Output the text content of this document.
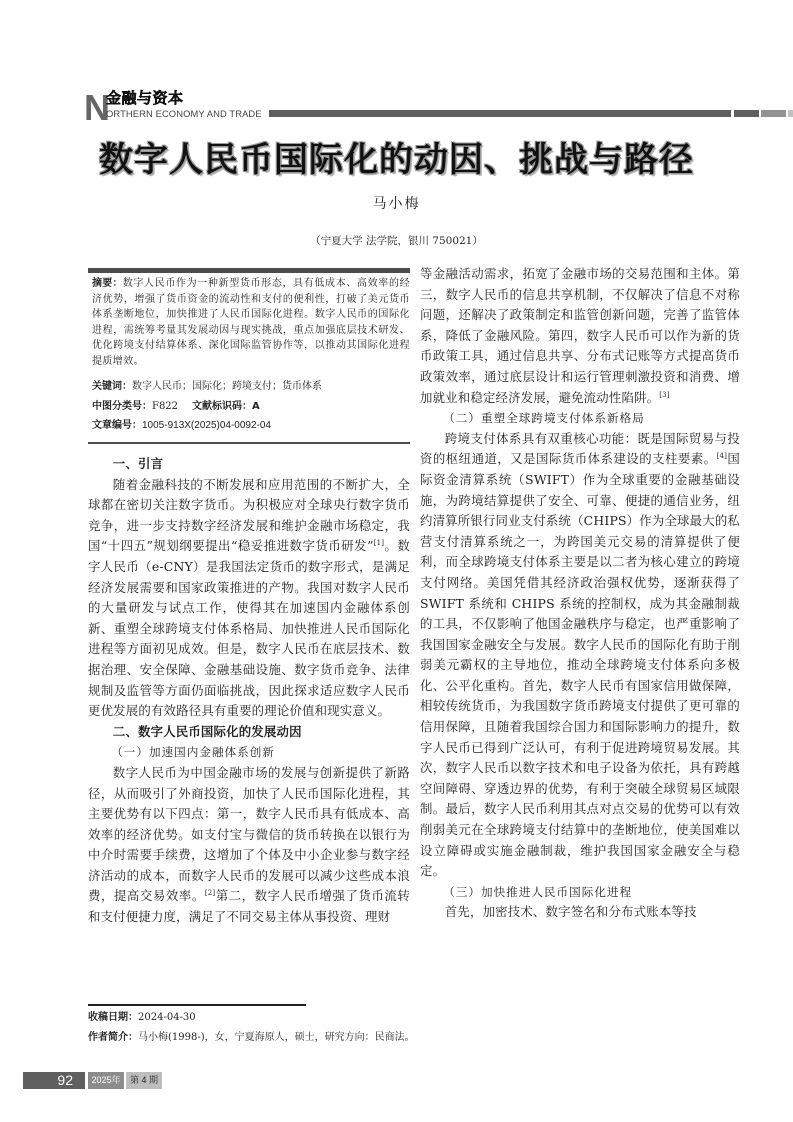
N
金融与资本
ORTHERN ECONOMY AND TRADE
数字人民币国际化的动因、挑战与路径
马小梅
（宁夏大学 法学院，银川 750021）
摘要：数字人民币作为一种新型货币形态，具有低成本、高效率的经济优势，增强了货币资金的流动性和支付的便利性，打破了美元货币体系垄断地位，加快推进了人民币国际化进程。数字人民币的国际化进程，需统筹考量其发展动因与现实挑战，重点加强底层技术研发、优化跨境支付结算体系、深化国际监管协作等，以推动其国际化进程提质增效。
关键词：数字人民币；国际化；跨境支付；货币体系
中图分类号：F822 文献标识码：A
文章编号：1005-913X(2025)04-0092-04
一、引言

随着金融科技的不断发展和应用范围的不断扩大，全球都在密切关注数字货币。为积极应对全球央行数字货币竞争，进一步支持数字经济发展和维护金融市场稳定，我国“十四五”规划纲要提出“稳妥推进数字货币研发”[1]。数字人民币（e-CNY）是我国法定货币的数字形式，是满足经济发展需要和国家政策推进的产物。我国对数字人民币的大量研发与试点工作，使得其在加速国内金融体系创新、重塑全球跨境支付体系格局、加快推进人民币国际化进程等方面初见成效。但是，数字人民币在底层技术、数据治理、安全保障、金融基础设施、数字货币竞争、法律规制及监管等方面仍面临挑战，因此探求适应数字人民币更优发展的有效路径具有重要的理论价值和现实意义。

二、数字人民币国际化的发展动因
（一）加速国内金融体系创新

数字人民币为中国金融市场的发展与创新提供了新路径，从而吸引了外商投资，加快了人民币国际化进程，其主要优势有以下四点：第一，数字人民币具有低成本、高效率的经济优势。如支付宝与微信的货币转换在以银行为中介时需要手续费，这增加了个体及中小企业参与数字经济活动的成本，而数字人民币的发展可以减少这些成本浪费，提高交易效率。[2]第二，数字人民币增强了货币流转和支付便捷力度，满足了不同交易主体从事投资、理财

等金融活动需求，拓宽了金融市场的交易范围和主体。第三，数字人民币的信息共享机制，不仅解决了信息不对称问题，还解决了政策制定和监管创新问题，完善了监管体系，降低了金融风险。第四，数字人民币可以作为新的货币政策工具，通过信息共享、分布式记账等方式提高货币政策效率，通过底层设计和运行管理刺激投资和消费、增加就业和稳定经济发展，避免流动性陷阱。[3]

（二）重塑全球跨境支付体系新格局

跨境支付体系具有双重核心功能：既是国际贸易与投资的枢纽通道，又是国际货币体系建设的支柱要素。[4]国际资金清算系统（SWIFT）作为全球重要的金融基础设施，为跨境结算提供了安全、可靠、便捷的通信业务，纽约清算所银行同业支付系统（CHIPS）作为全球最大的私营支付清算系统之一，为跨国美元交易的清算提供了便利，而全球跨境支付体系主要是以二者为核心建立的跨境支付网络。美国凭借其经济政治强权优势，逐渐获得了 SWIFT 系统和 CHIPS 系统的控制权，成为其金融制裁的工具，不仅影响了他国金融秩序与稳定，也严重影响了我国国家金融安全与发展。数字人民币的国际化有助于削弱美元霸权的主导地位，推动全球跨境支付体系向多极化、公平化重构。首先，数字人民币有国家信用做保障，相较传统货币，为我国数字货币跨境支付提供了更可靠的信用保障，且随着我国综合国力和国际影响力的提升，数字人民币已得到广泛认可，有利于促进跨境贸易发展。其次，数字人民币以数字技术和电子设备为依托，具有跨越空间障碍、穿透边界的优势，有利于突破全球贸易区域限制。最后，数字人民币利用其点对点交易的优势可以有效削弱美元在全球跨境支付结算中的垄断地位，使美国难以设立障碍或实施金融制裁，维护我国国家金融安全与稳定。

（三）加快推进人民币国际化进程

首先，加密技术、数字签名和分布式账本等技

收稿日期：2024-04-30
作者简介：马小梅(1998-)，女，宁夏海原人，硕士，研究方向：民商法。
92	2025年	第 4 期
